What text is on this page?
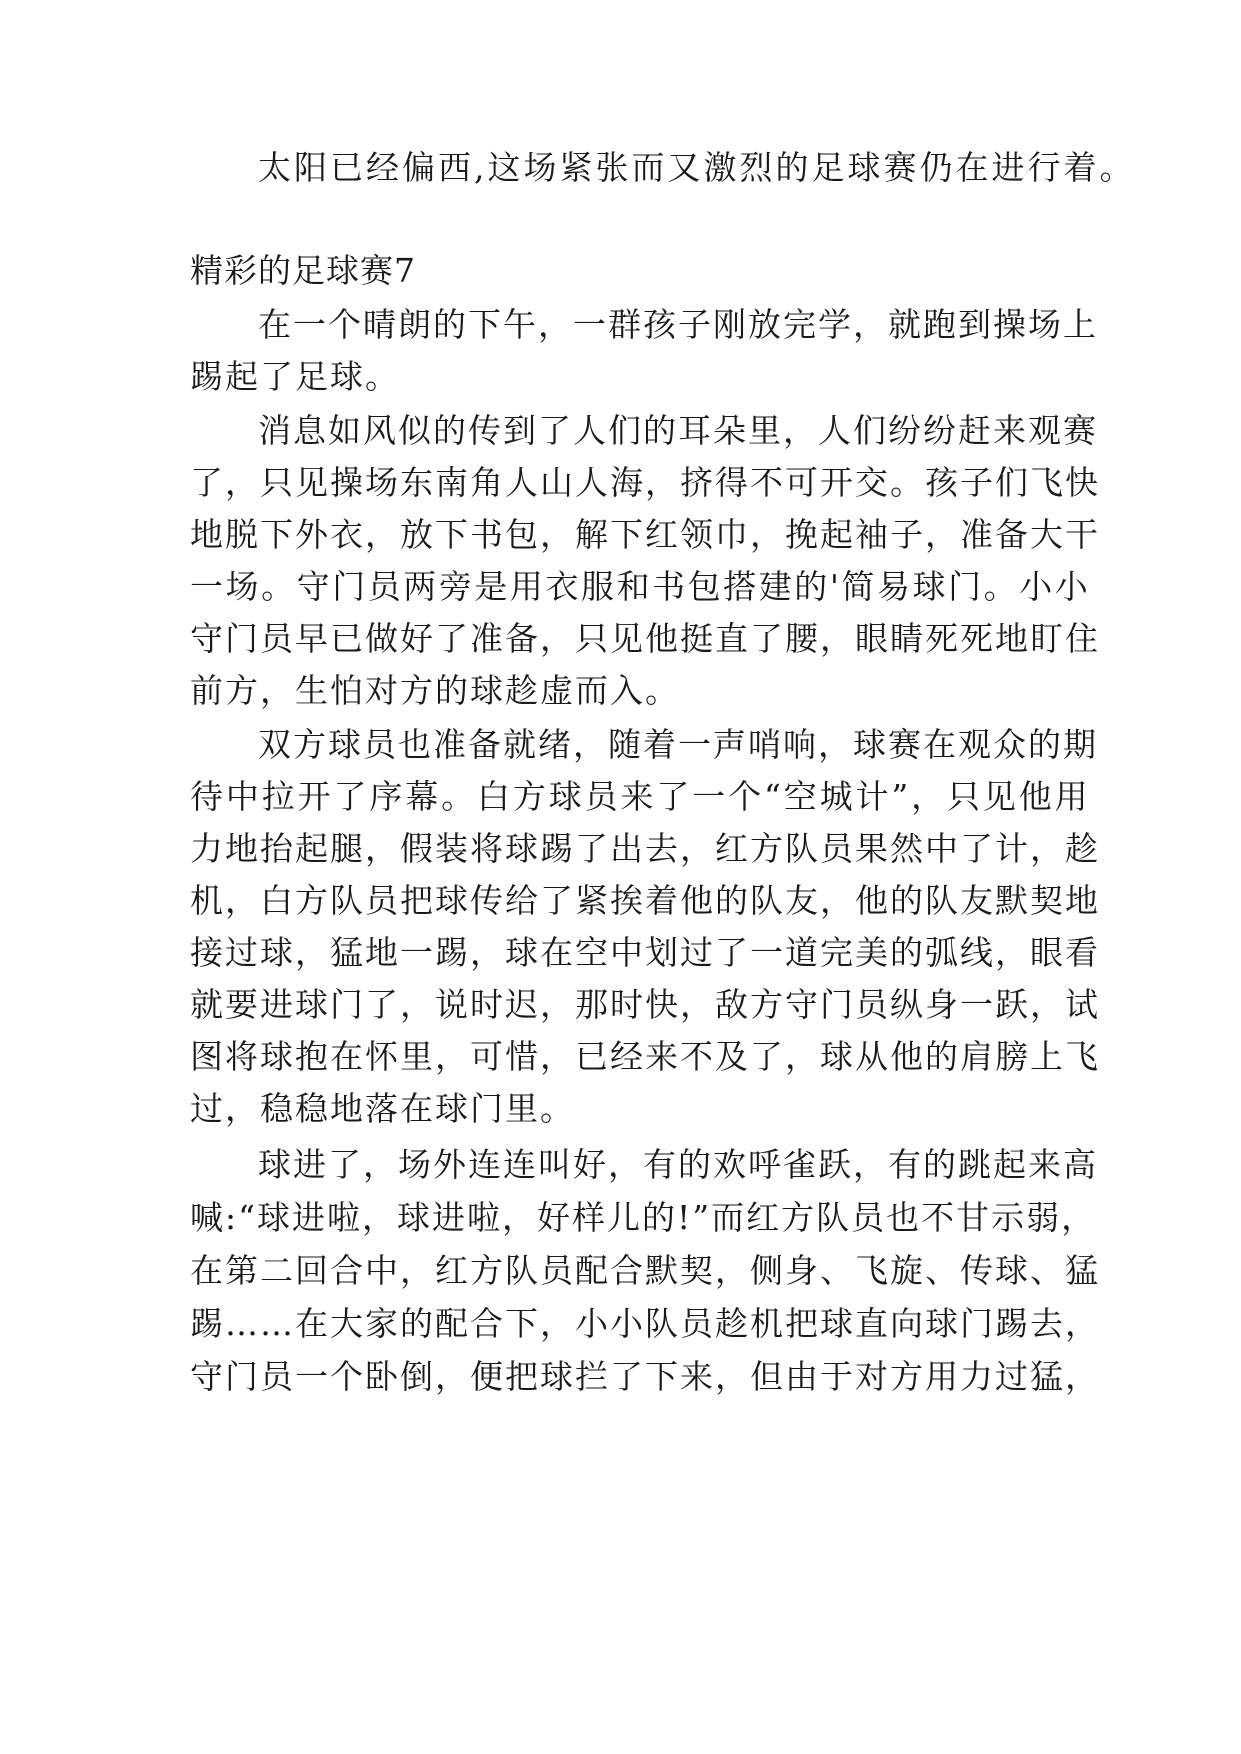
太阳已经偏西,这场紧张而又激烈的足球赛仍在进行着。
精彩的足球赛7
在 一 个 晴 朗 的 下 午 ， 一 群 孩 子 刚 放 完 学 ， 就 跑 到 操 场 上
踢起了足球。
消 息 如 风 似 的 传 到 了 人 们 的 耳 朵 里 ， 人 们 纷 纷 赶 来 观 赛
了 ， 只 见 操 场 东 南 角 人 山 人 海 ， 挤 得 不 可 开 交 。 孩 子 们 飞 快
地 脱 下 外 衣 ， 放 下 书 包 ， 解 下 红 领 巾 ， 挽 起 袖 子 ， 准 备 大 干
一 场 。 守 门 员 两 旁 是 用 衣 服 和 书 包 搭 建 的 ' 简 易 球 门 。 小 小
守 门 员 早 已 做 好 了 准 备 ， 只 见 他 挺 直 了 腰 ， 眼 睛 死 死 地 盯 住
前方，生怕对方的球趁虚而入。
双 方 球 员 也 准 备 就 绪 ， 随 着 一 声 哨 响 ， 球 赛 在 观 众 的 期
待 中 拉 开 了 序 幕 。 白 方 球 员 来 了 一 个 “ 空 城 计 ” ， 只 见 他 用
力 地 抬 起 腿 ， 假 装 将 球 踢 了 出 去 ， 红 方 队 员 果 然 中 了 计 ， 趁
机 ， 白 方 队 员 把 球 传 给 了 紧 挨 着 他 的 队 友 ， 他 的 队 友 默 契 地
接 过 球 ， 猛 地 一 踢 ， 球 在 空 中 划 过 了 一 道 完 美 的 弧 线 ， 眼 看
就 要 进 球 门 了 ， 说 时 迟 ， 那 时 快 ， 敌 方 守 门 员 纵 身 一 跃 ， 试
图 将 球 抱 在 怀 里 ， 可 惜 ， 已 经 来 不 及 了 ， 球 从 他 的 肩 膀 上 飞
过，稳稳地落在球门里。
球 进 了 ， 场 外 连 连 叫 好 ， 有 的 欢 呼 雀 跃 ， 有 的 跳 起 来 高
喊 : “ 球 进 啦 ， 球 进 啦 ， 好 样 儿 的 ! ” 而 红 方 队 员 也 不 甘 示 弱 ，
在 第 二 回 合 中 ， 红 方 队 员 配 合 默 契 ， 侧 身 、 飞 旋 、 传 球 、 猛
踢 … … 在 大 家 的 配 合 下 ， 小 小 队 员 趁 机 把 球 直 向 球 门 踢 去 ，
守 门 员 一 个 卧 倒 ， 便 把 球 拦 了 下 来 ， 但 由 于 对 方 用 力 过 猛 ，
